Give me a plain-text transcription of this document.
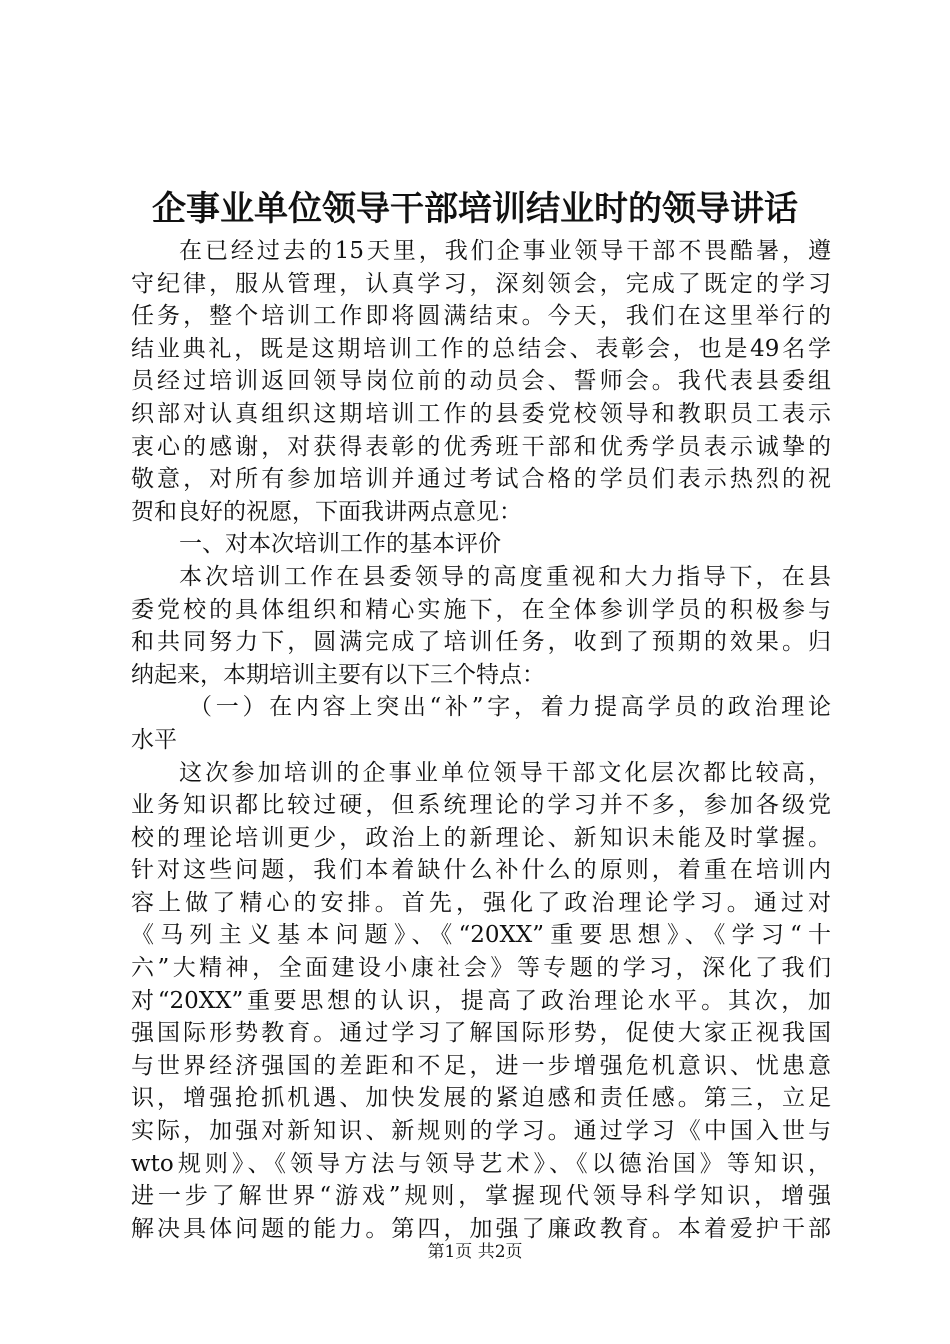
企事业单位领导干部培训结业时的领导讲话
在已经过去的15天里，我们企事业领导干部不畏酷暑，遵
守纪律，服从管理，认真学习，深刻领会，完成了既定的学习
任务，整个培训工作即将圆满结束。今天，我们在这里举行的
结业典礼，既是这期培训工作的总结会、表彰会，也是49名学
员经过培训返回领导岗位前的动员会、誓师会。我代表县委组
织部对认真组织这期培训工作的县委党校领导和教职员工表示
衷心的感谢，对获得表彰的优秀班干部和优秀学员表示诚挚的
敬意，对所有参加培训并通过考试合格的学员们表示热烈的祝
贺和良好的祝愿，下面我讲两点意见：
一、对本次培训工作的基本评价
本次培训工作在县委领导的高度重视和大力指导下，在县
委党校的具体组织和精心实施下，在全体参训学员的积极参与
和共同努力下，圆满完成了培训任务，收到了预期的效果。归
纳起来，本期培训主要有以下三个特点：
（一）在内容上突出“补”字，着力提高学员的政治理论
水平
这次参加培训的企事业单位领导干部文化层次都比较高，
业务知识都比较过硬，但系统理论的学习并不多，参加各级党
校的理论培训更少，政治上的新理论、新知识未能及时掌握。
针对这些问题，我们本着缺什么补什么的原则，着重在培训内
容上做了精心的安排。首先，强化了政治理论学习。通过对
《马列主义基本问题》、《“20XX”重要思想》、《学习“十
六”大精神，全面建设小康社会》等专题的学习，深化了我们
对“20XX”重要思想的认识，提高了政治理论水平。其次，加
强国际形势教育。通过学习了解国际形势，促使大家正视我国
与世界经济强国的差距和不足，进一步增强危机意识、忧患意
识，增强抢抓机遇、加快发展的紧迫感和责任感。第三，立足
实际，加强对新知识、新规则的学习。通过学习《中国入世与
wto规则》、《领导方法与领导艺术》、《以德治国》等知识，
进一步了解世界“游戏”规则，掌握现代领导科学知识，增强
解决具体问题的能力。第四，加强了廉政教育。本着爱护干部
第1页 共2页
